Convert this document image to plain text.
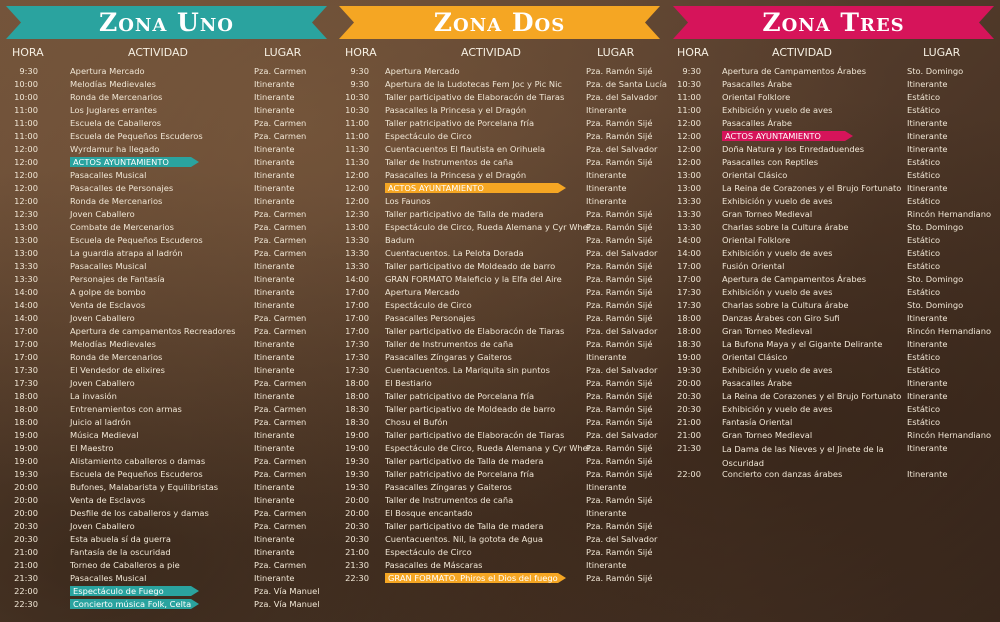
Zona Uno
HORA	ACTIVIDAD	LUGAR
9:30	Apertura Mercado	Pza. Carmen
10:00	Melodías Medievales	Itinerante
10:00	Ronda de Mercenarios	Itinerante
11:00	Los Juglares errantes	Itinerante
11:00	Escuela de Caballeros	Pza. Carmen
11:00	Escuela de Pequeños Escuderos	Pza. Carmen
12:00	Wyrdamur ha llegado	Itinerante
12:00	ACTOS AYUNTAMIENTO	Itinerante
12:00	Pasacalles Musical	Itinerante
12:00	Pasacalles de Personajes	Itinerante
12:00	Ronda de Mercenarios	Itinerante
12:30	Joven Caballero	Pza. Carmen
13:00	Combate de Mercenarios	Pza. Carmen
13:00	Escuela de Pequeños Escuderos	Pza. Carmen
13:00	La guardia atrapa al ladrón	Pza. Carmen
13:30	Pasacalles Musical	Itinerante
13:30	Personajes de Fantasía	Itinerante
14:00	A golpe de bombo	Itinerante
14:00	Venta de Esclavos	Itinerante
14:00	Joven Caballero	Pza. Carmen
17:00	Apertura de campamentos Recreadores Pza. Carmen
17:00	Melodías Medievales	Itinerante
17:00	Ronda de Mercenarios	Itinerante
17:30	El Vendedor de elixires	Itinerante
17:30	Joven Caballero	Pza. Carmen
18:00	La invasión	Itinerante
18:00	Entrenamientos con armas	Pza. Carmen
18:00	Juicio al ladrón	Pza. Carmen
19:00	Música Medieval	Itinerante
19:00	El Maestro	Itinerante
19:00	Alistamiento caballeros o damas	Pza. Carmen
19:30	Escuela de Pequeños Escuderos	Pza. Carmen
20:00	Bufones, Malabarista y Equilibristas	Itinerante
20:00	Venta de Esclavos	Itinerante
20:00	Desfile de los caballeros y damas	Pza. Carmen
20:30	Joven Caballero	Pza. Carmen
20:30	Esta abuela sí da guerra	Itinerante
21:00	Fantasía de la oscuridad	Itinerante
21:00	Torneo de Caballeros a pie	Pza. Carmen
21:30	Pasacalles Musical	Itinerante
22:00	Espectáculo de Fuego	Pza. Vía Manuel
22:30	Concierto música Folk, Celta	Pza. Vía Manuel
Zona Dos
HORA	ACTIVIDAD	LUGAR
9:30 Apertura Mercado	Pza. Ramón Sijé
9:30 Apertura de la Ludotecas Fem Joc y Pic Nic	Pza. de Santa Lucía
10:30 Taller participativo de Elaboracón de Tiaras	Pza. del Salvador
10:30 Pasacalles la Princesa y el Dragón	Itinerante
11:00 Taller patricipativo de Porcelana fría	Pza. Ramón Sijé
11:00 Espectáculo de Circo	Pza. Ramón Sijé
11:30 Cuentacuentos El flautista en Orihuela	Pza. del Salvador
11:30 Taller de Instrumentos de caña	Pza. Ramón Sijé
12:00 Pasacalles la Princesa y el Dragón	Itinerante
12:00	ACTOS AYUNTAMIENTO	Itinerante
12:00 Los Faunos	Itinerante
12:30 Taller participativo de Talla de madera	Pza. Ramón Sijé
13:00 Espectáculo de Circo, Rueda Alemana y Cyr Whel
Pza. Ramón Sijé
13:30 Badum	Pza. Ramón Sijé
13:30 Cuentacuentos. La Pelota Dorada	Pza. del Salvador
13:30 Taller participativo de Moldeado de barro	Pza. Ramón Sijé
14:00 GRAN FORMATO Maleficio y la Elfa del Aire	Pza. Ramón Sijé
17:00 Apertura Mercado	Pza. Ramón Sijé
17:00 Espectáculo de Circo	Pza. Ramón Sijé
17:00 Pasacalles Personajes	Pza. Ramón Sijé
17:00 Taller participativo de Elaboracón de Tiaras	Pza. del Salvador
17:30 Taller de Instrumentos de caña	Pza. Ramón Sijé
17:30 Pasacalles Zíngaras y Gaiteros	Itinerante
17:30 Cuentacuentos. La Mariquita sin puntos	Pza. del Salvador
18:00 El Bestiario	Pza. Ramón Sijé
18:00 Taller patricipativo de Porcelana fría	Pza. Ramón Sijé
18:30 Taller participativo de Moldeado de barro	Pza. Ramón Sijé
18:30 Chosu el Bufón	Pza. Ramón Sijé
19:00 Taller participativo de Elaboracón de Tiaras	Pza. del Salvador
19:00 Espectáculo de Circo, Rueda Alemana y Cyr Whel
Pza. Ramón Sijé
19:30 Taller participativo de Talla de madera	Pza. Ramón Sijé
19:30 Taller patricipativo de Porcelana fría	Pza. Ramón Sijé
19:30 Pasacalles Zíngaras y Gaiteros	Itinerante
20:00 Taller de Instrumentos de caña	Pza. Ramón Sijé
20:00 El Bosque encantado	Itinerante
20:30 Taller participativo de Talla de madera	Pza. Ramón Sijé
20:30 Cuentacuentos. Nil, la gotota de Agua	Pza. del Salvador
21:00 Espectáculo de Circo	Pza. Ramón Sijé
21:30 Pasacalles de Máscaras	Itinerante
22:30	GRAN FORMATO. Phiros el Dios del fuego	Pza. Ramón Sijé
Zona Tres
HORA	ACTIVIDAD	LUGAR
9:30	Apertura de Campamentos Árabes	Sto. Domingo
10:30	Pasacalles Árabe	Itinerante
11:00	Oriental Folklore	Estático
11:00	Exhibición y vuelo de aves	Estático
12:00	Pasacalles Árabe	Itinerante
12:00	ACTOS AYUNTAMIENTO	Itinerante
12:00	Doña Natura y los Enredaduendes	Itinerante
12:00	Pasacalles con Reptiles	Estático
13:00	Oriental Clásico	Estático
13:00	La Reina de Corazones y el Brujo Fortunato Itinerante
13:30	Exhibición y vuelo de aves	Estático
13:30	Gran Torneo Medieval	Rincón Hernandiano
13:30	Charlas sobre la Cultura árabe	Sto. Domingo
14:00	Oriental Folklore	Estático
14:00	Exhibición y vuelo de aves	Estático
17:00	Fusión Oriental	Estático
17:00	Apertura de Campamentos Árabes	Sto. Domingo
17:30	Exhibición y vuelo de aves	Estático
17:30	Charlas sobre la Cultura árabe	Sto. Domingo
18:00	Danzas Árabes con Giro Sufi	Itinerante
18:00	Gran Torneo Medieval	Rincón Hernandiano
18:30	La Bufona Maya y el Gigante Delirante	Itinerante
19:00	Oriental Clásico	Estático
19:30	Exhibición y vuelo de aves	Estático
20:00	Pasacalles Árabe	Itinerante
20:30	La Reina de Corazones y el Brujo Fortunato Itinerante
20:30	Exhibición y vuelo de aves	Estático
21:00	Fantasía Oriental	Estático
21:00	Gran Torneo Medieval	Rincón Hernandiano
21:30	La Dama de las Nieves y el Jinete de la Oscuridad
Itinerante
22:00	Concierto con danzas árabes	Itinerante
